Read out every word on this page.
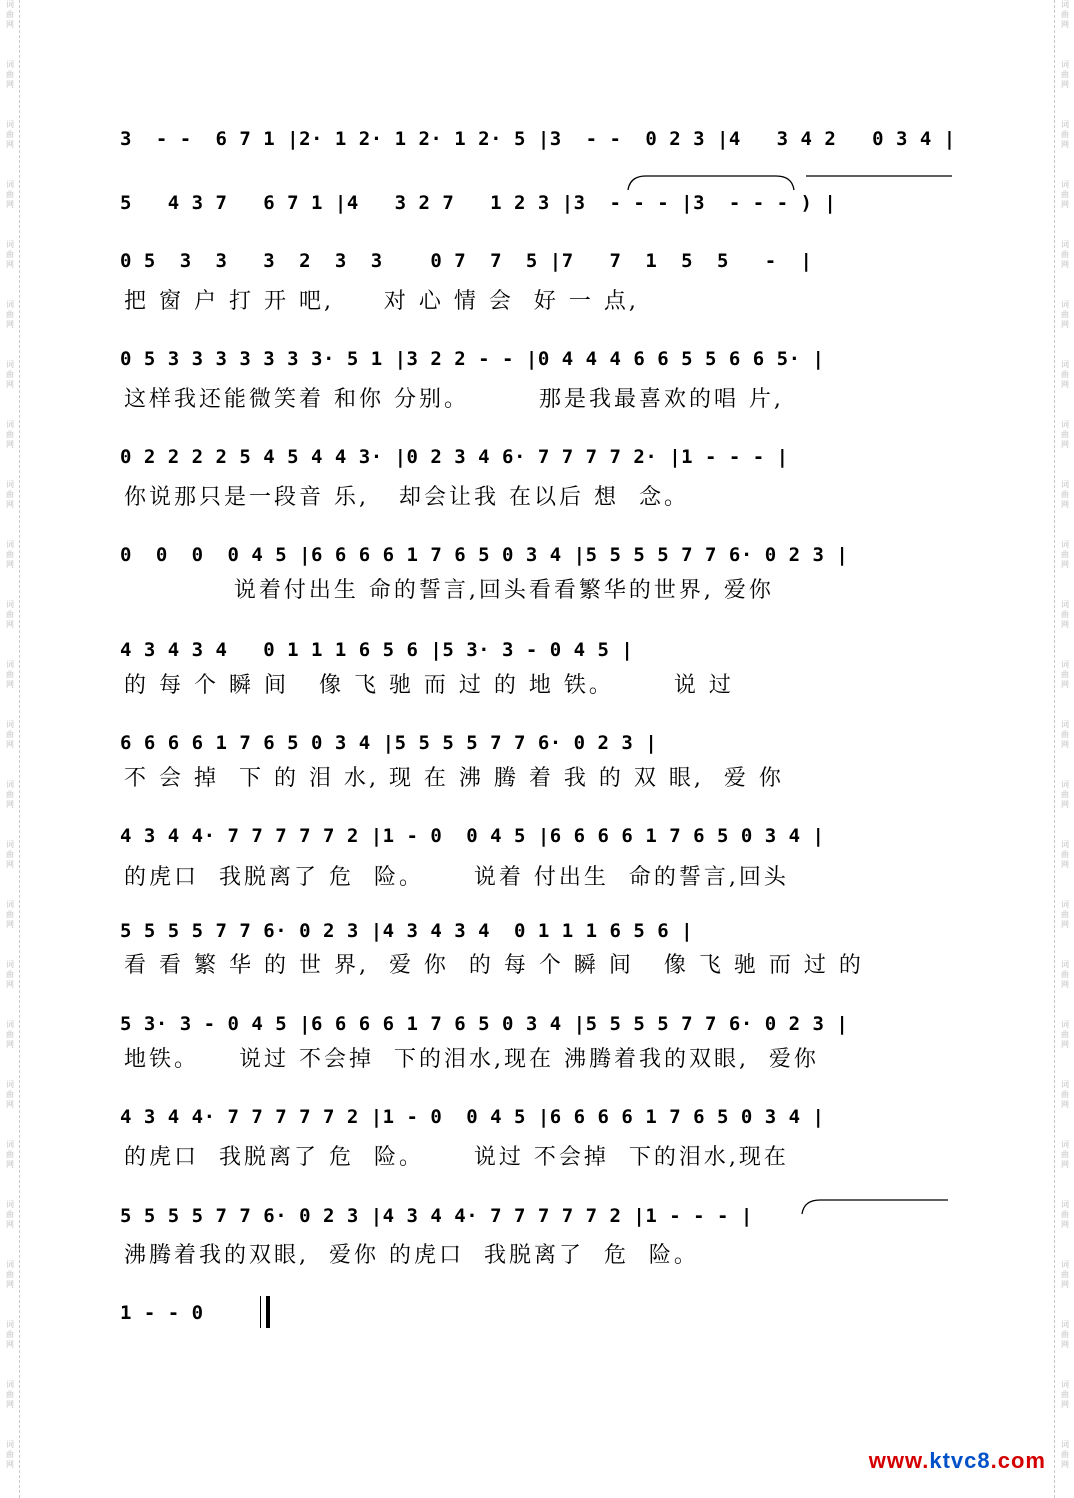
词
曲
网
词
曲
网
词
曲
网
词
曲
网
词
曲
网
词
曲
网
词
曲
网
词
曲
网
词
曲
网
词
曲
网
词
曲
网
词
曲
网
词
曲
网
词
曲
网
词
曲
网
词
曲
网
词
曲
网
词
曲
网
词
曲
网
词
曲
网
词
曲
网
词
曲
网
词
曲
网
词
曲
网
词
曲
网
词
曲
网
词
曲
网
词
曲
网
词
曲
网
词
曲
网
词
曲
网
词
曲
网
词
曲
网
词
曲
网
词
曲
网
词
曲
网
词
曲
网
词
曲
网
词
曲
网
词
曲
网
词
曲
网
词
曲
网
词
曲
网
词
曲
网
词
曲
网
词
曲
网
词
曲
网
词
曲
网
词
曲
网
词
曲
网
3  - -  6 7 1 |2· 1 2· 1 2· 1 2· 5 |3  - -  0 2 3 |4   3 4 2   0 3 4 |
5   4 3 7   6 7 1 |4   3 2 7   1 2 3 |3  - - - |3  - - - ) |
0 5  3  3   3  2  3  3    0 7  7  5 |7   7  1  5  5   -  |
把 窗 户 打 开 吧,     对 心 情 会  好 一 点,
0 5 3 3 3 3 3 3 3· 5 1 |3 2 2 - - |0 4 4 4 6 6 5 5 6 6 5· |
这样我还能微笑着 和你 分别。       那是我最喜欢的唱 片,
0 2 2 2 2 5 4 5 4 4 3· |0 2 3 4 6· 7 7 7 7 2· |1 - - - |
你说那只是一段音 乐,   却会让我 在以后 想  念。
0  0  0  0 4 5 |6 6 6 6 1 7 6 5 0 3 4 |5 5 5 5 7 7 6· 0 2 3 |
说着付出生 命的誓言,回头看看繁华的世界, 爱你
4 3 4 3 4   0 1 1 1 6 5 6 |5 3· 3 - 0 4 5 |
的 每 个 瞬 间   像 飞 驰 而 过 的 地 铁。      说 过
6 6 6 6 1 7 6 5 0 3 4 |5 5 5 5 7 7 6· 0 2 3 |
不 会 掉  下 的 泪 水, 现 在 沸 腾 着 我 的 双 眼,  爱 你
4 3 4 4· 7 7 7 7 7 2 |1 - 0  0 4 5 |6 6 6 6 1 7 6 5 0 3 4 |
的虎口  我脱离了 危  险。     说着 付出生  命的誓言,回头
5 5 5 5 7 7 6· 0 2 3 |4 3 4 3 4  0 1 1 1 6 5 6 |
看 看 繁 华 的 世 界,  爱 你  的 每 个 瞬 间   像 飞 驰 而 过 的
5 3· 3 - 0 4 5 |6 6 6 6 1 7 6 5 0 3 4 |5 5 5 5 7 7 6· 0 2 3 |
地铁。    说过 不会掉  下的泪水,现在 沸腾着我的双眼,  爱你
4 3 4 4· 7 7 7 7 7 2 |1 - 0  0 4 5 |6 6 6 6 1 7 6 5 0 3 4 |
的虎口  我脱离了 危  险。     说过 不会掉  下的泪水,现在
5 5 5 5 7 7 6· 0 2 3 |4 3 4 4· 7 7 7 7 7 2 |1 - - - |
沸腾着我的双眼,  爱你 的虎口  我脱离了  危  险。
1 - - 0
www.ktvc8.com
